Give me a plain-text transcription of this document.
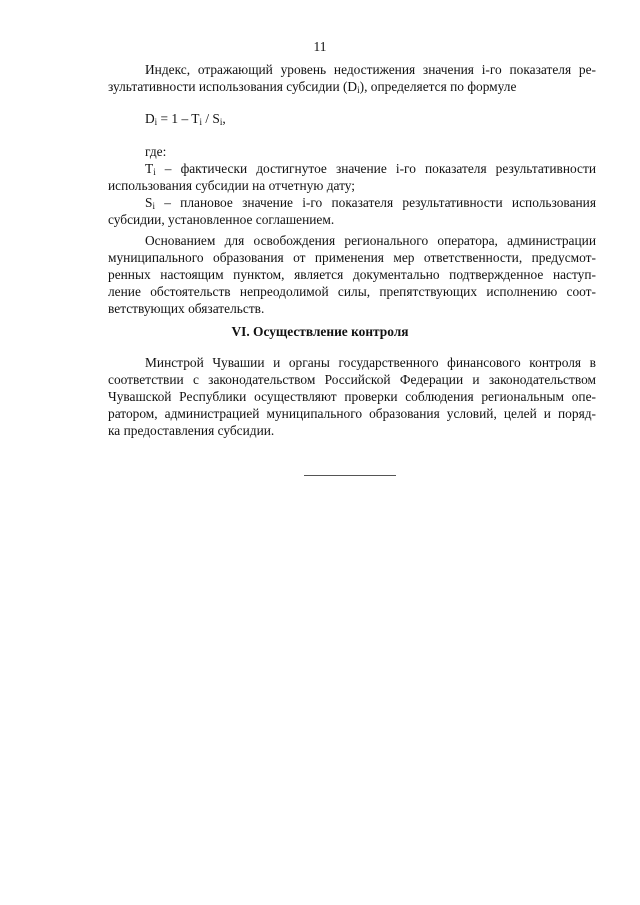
11
Индекс, отражающий уровень недостижения значения i-го показателя ре-
зультативности использования субсидии $(D_i)$, определяется по формуле
$D_i = 1 - T_i / S_i$,
где:
$T_i$ – фактически достигнутое значение i-го показателя результативности
использования субсидии на отчетную дату;
$S_i$ – плановое значение i-го показателя результативности использования
субсидии, установленное соглашением.
Основанием для освобождения регионального оператора, администрации
муниципального образования от применения мер ответственности, предусмот-
ренных настоящим пунктом, является документально подтвержденное наступ-
ление обстоятельств непреодолимой силы, препятствующих исполнению соот-
ветствующих обязательств.
VI. Осуществление контроля
Минстрой Чувашии и органы государственного финансового контроля в
соответствии с законодательством Российской Федерации и законодательством
Чувашской Республики осуществляют проверки соблюдения региональным опе-
ратором, администрацией муниципального образования условий, целей и поряд-
ка предоставления субсидии.
